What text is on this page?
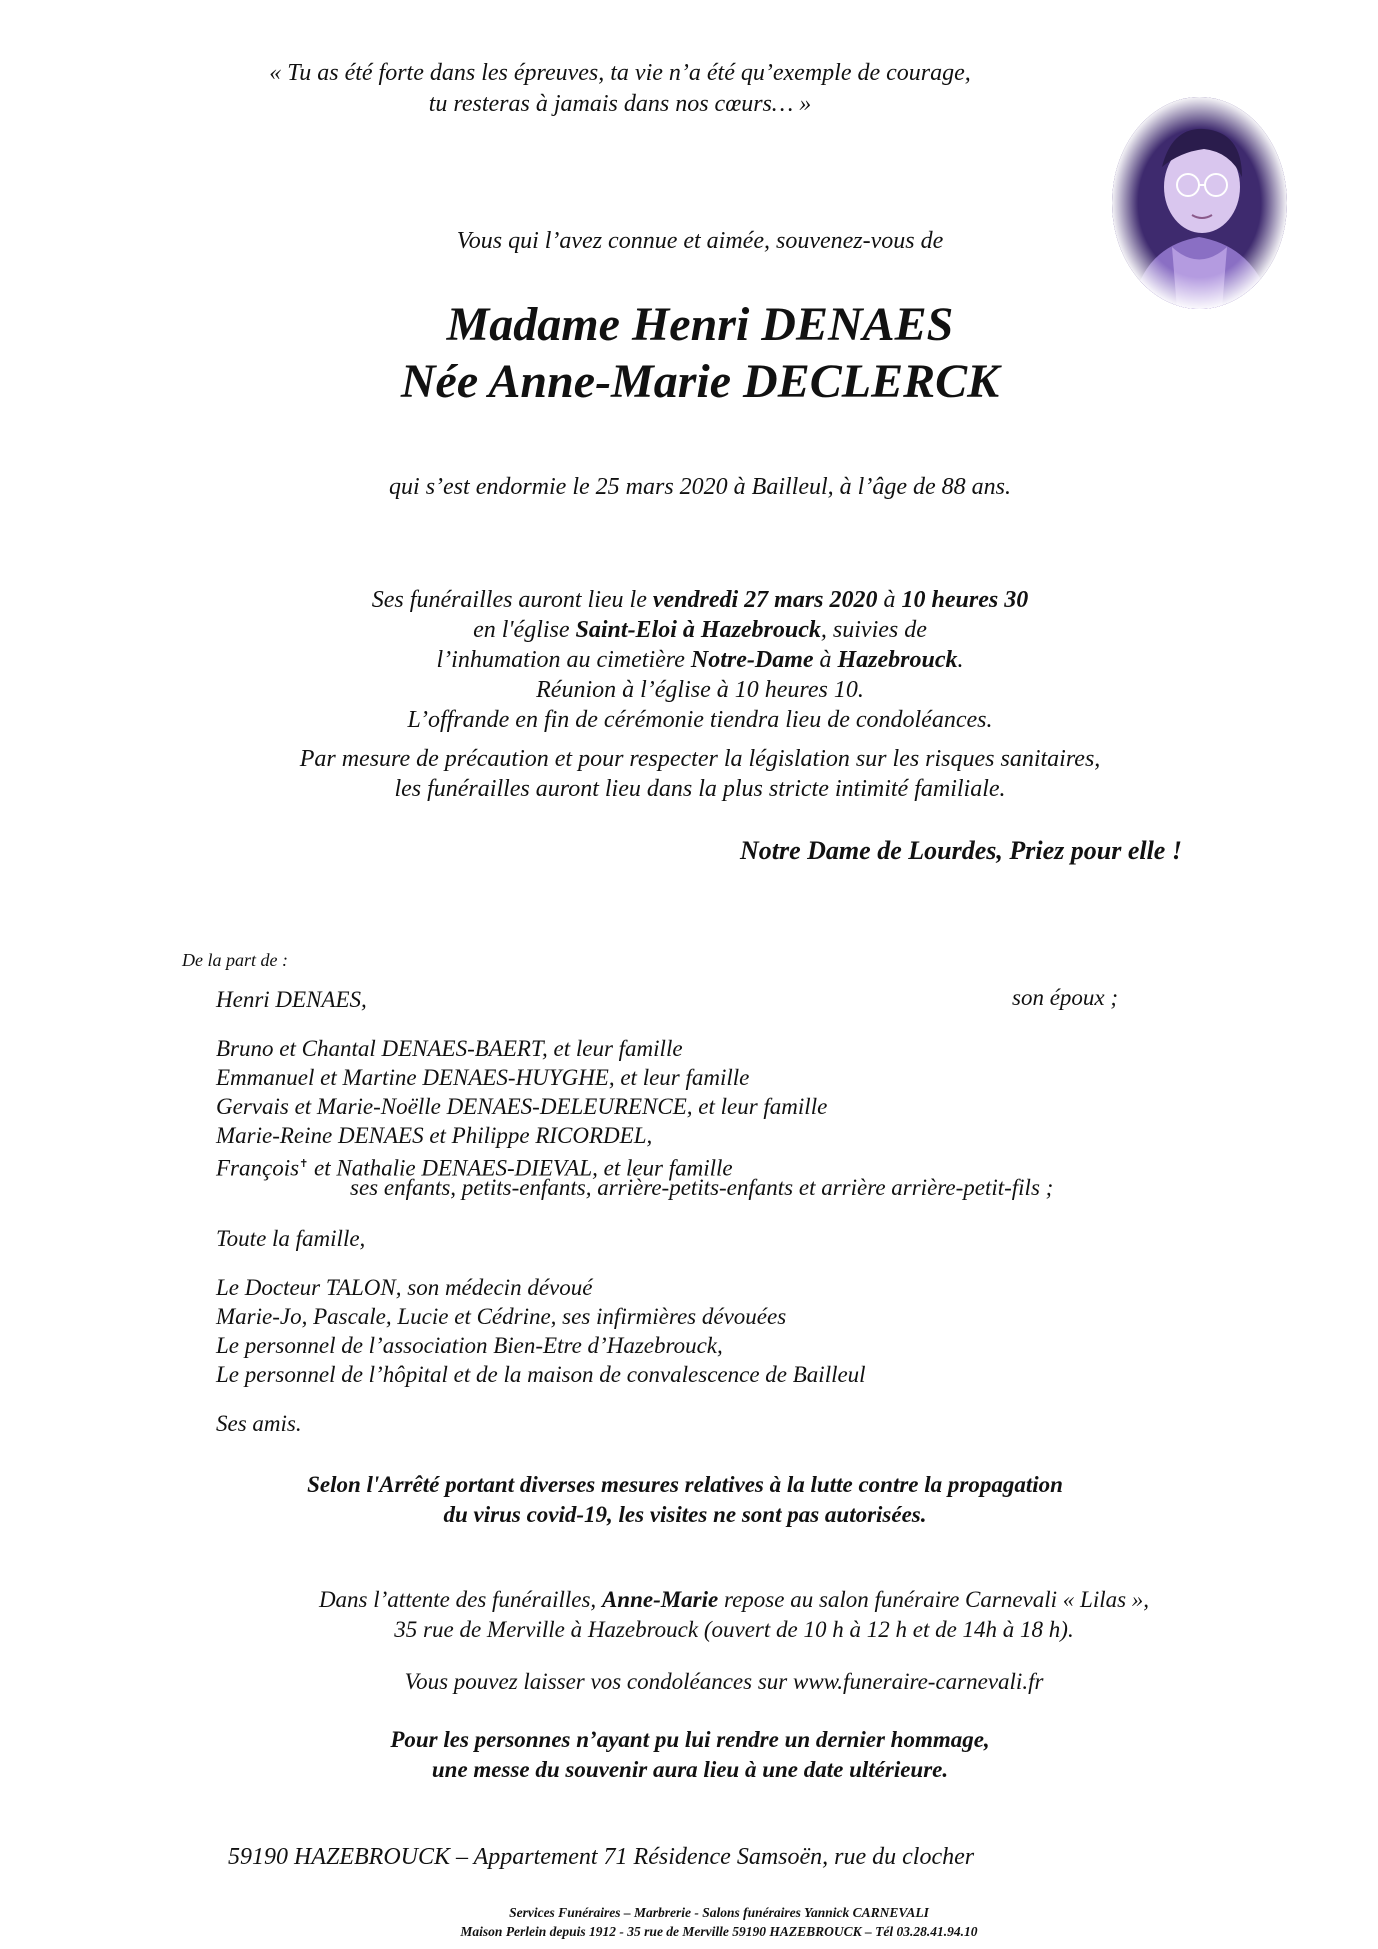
« Tu as été forte dans les épreuves, ta vie n’a été qu’exemple de courage,
tu resteras à jamais dans nos cœurs… »
Vous qui l’avez connue et aimée, souvenez-vous de
Madame Henri DENAES
Née Anne-Marie DECLERCK
qui s’est endormie le 25 mars 2020 à Bailleul, à l’âge de 88 ans.
Ses funérailles auront lieu le vendredi 27 mars 2020 à 10 heures 30
en l'église Saint-Eloi à Hazebrouck, suivies de
l’inhumation au cimetière Notre-Dame à Hazebrouck.
Réunion à l’église à 10 heures 10.
L’offrande en fin de cérémonie tiendra lieu de condoléances.
Par mesure de précaution et pour respecter la législation sur les risques sanitaires,
les funérailles auront lieu dans la plus stricte intimité familiale.
Notre Dame de Lourdes, Priez pour elle !
De la part de :
Henri DENAES,	son époux ;
Bruno et Chantal DENAES-BAERT, et leur famille
Emmanuel et Martine DENAES-HUYGHE, et leur famille
Gervais et Marie-Noëlle DENAES-DELEURENCE, et leur famille
Marie-Reine DENAES et Philippe RICORDEL,
François✝ et Nathalie DENAES-DIEVAL, et leur famille
ses enfants, petits-enfants, arrière-petits-enfants et arrière arrière-petit-fils ;
Toute la famille,
Le Docteur TALON, son médecin dévoué
Marie-Jo, Pascale, Lucie et Cédrine, ses infirmières dévouées
Le personnel de l’association Bien-Etre d’Hazebrouck,
Le personnel de l’hôpital et de la maison de convalescence de Bailleul
Ses amis.
Selon l'Arrêté portant diverses mesures relatives à la lutte contre la propagation
du virus covid-19, les visites ne sont pas autorisées.
Dans l’attente des funérailles, Anne-Marie repose au salon funéraire Carnevali « Lilas »,
35 rue de Merville à Hazebrouck (ouvert de 10 h à 12 h et de 14h à 18 h).
Vous pouvez laisser vos condoléances sur www.funeraire-carnevali.fr
Pour les personnes n’ayant pu lui rendre un dernier hommage,
une messe du souvenir aura lieu à une date ultérieure.
59190 HAZEBROUCK – Appartement 71 Résidence Samsoën, rue du clocher
Services Funéraires – Marbrerie - Salons funéraires Yannick CARNEVALI
Maison Perlein depuis 1912 - 35 rue de Merville 59190 HAZEBROUCK – Tél 03.28.41.94.10
